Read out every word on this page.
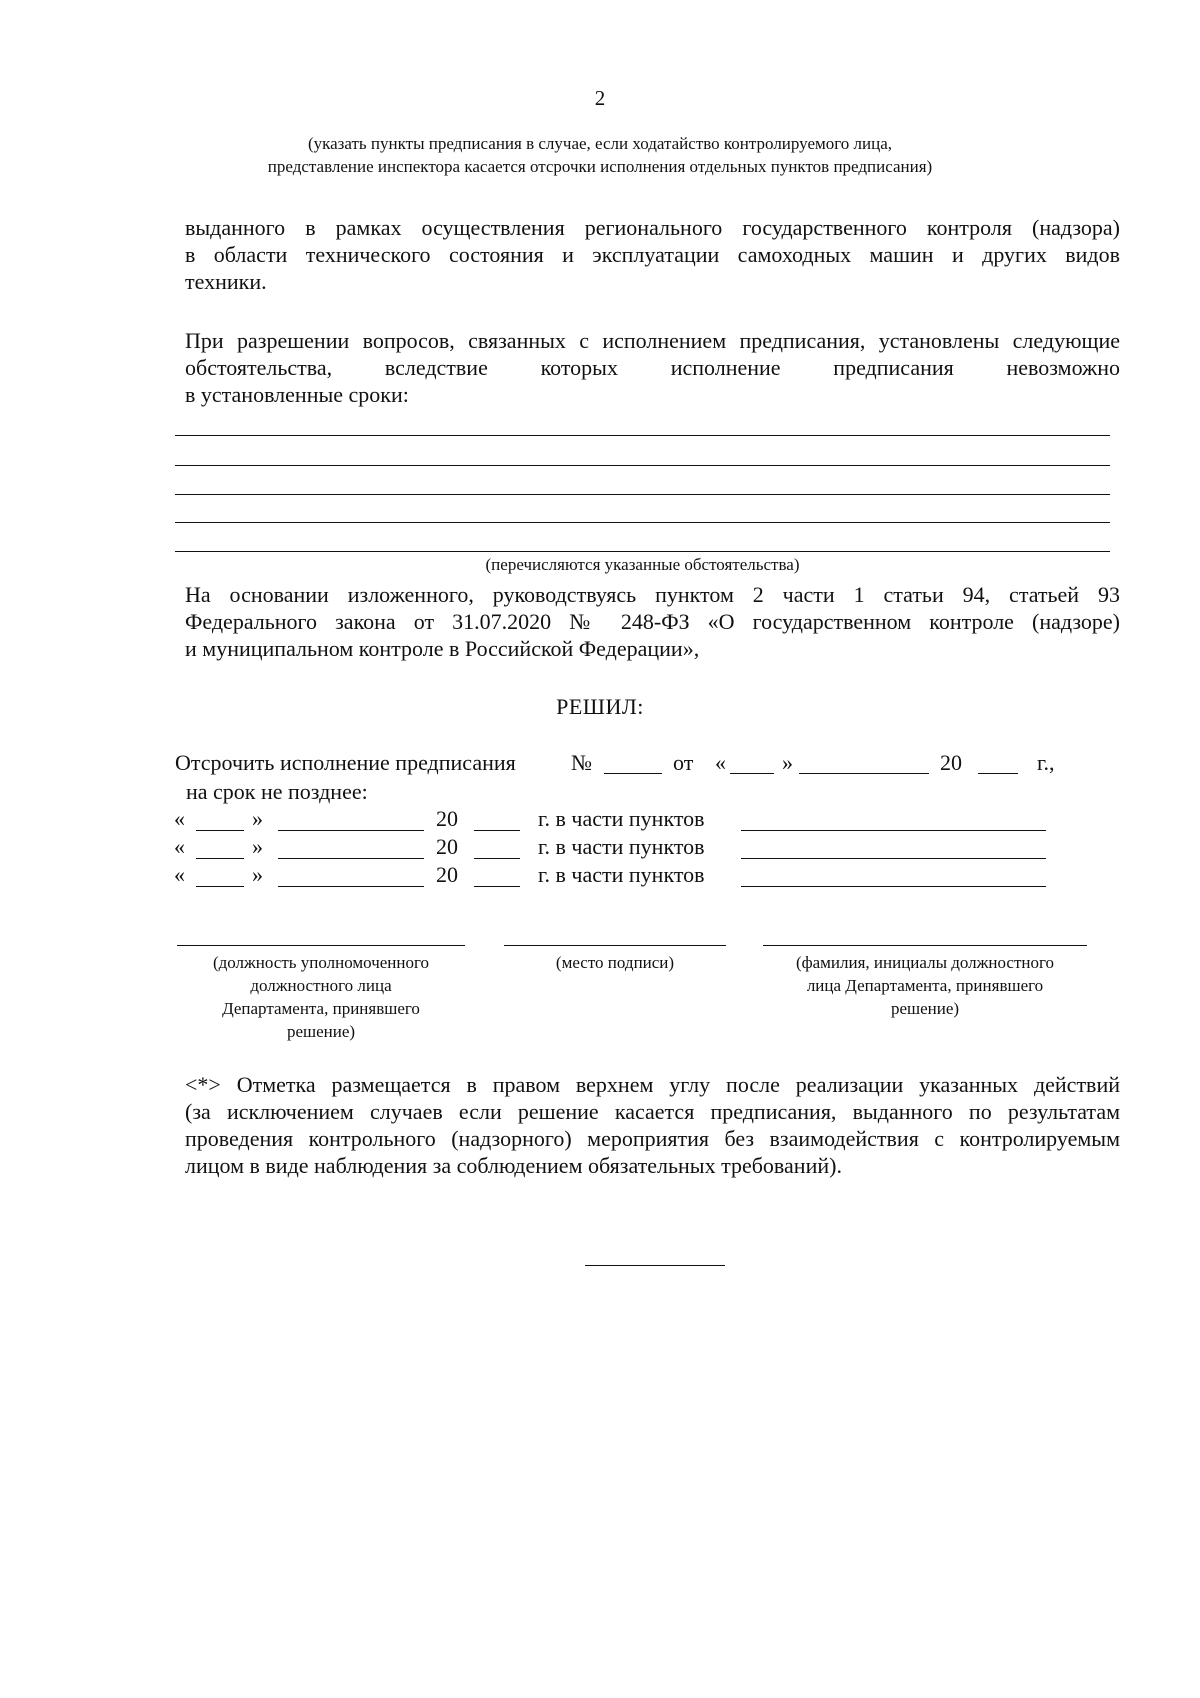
2
(указать пункты предписания в случае, если ходатайство контролируемого лица,
представление инспектора касается отсрочки исполнения отдельных пунктов предписания)
выданного в рамках осуществления регионального государственного контроля (надзора)
в области технического состояния и эксплуатации самоходных машин и других видов
техники.
При разрешении вопросов, связанных с исполнением предписания, установлены следующие
обстоятельства, вследствие которых исполнение предписания невозможно
в установленные сроки:
(перечисляются указанные обстоятельства)
На основании изложенного, руководствуясь пунктом 2 части 1 статьи 94, статьей 93
Федерального закона от 31.07.2020 № 248-ФЗ «О государственном контроле (надзоре)
и муниципальном контроле в Российской Федерации»,
РЕШИЛ:
Отсрочить исполнение предписания	№	от «	»	20	г.,
на срок не позднее:
«	»	20	г. в части пунктов
«	»	20	г. в части пунктов
«	»	20	г. в части пунктов
(должность уполномоченного
должностного лица
Департамента, принявшего
решение)
(место подписи)	(фамилия, инициалы должностного
лица Департамента, принявшего
решение)
<*> Отметка размещается в правом верхнем углу после реализации указанных действий
(за исключением случаев если решение касается предписания, выданного по результатам
проведения контрольного (надзорного) мероприятия без взаимодействия с контролируемым
лицом в виде наблюдения за соблюдением обязательных требований).
